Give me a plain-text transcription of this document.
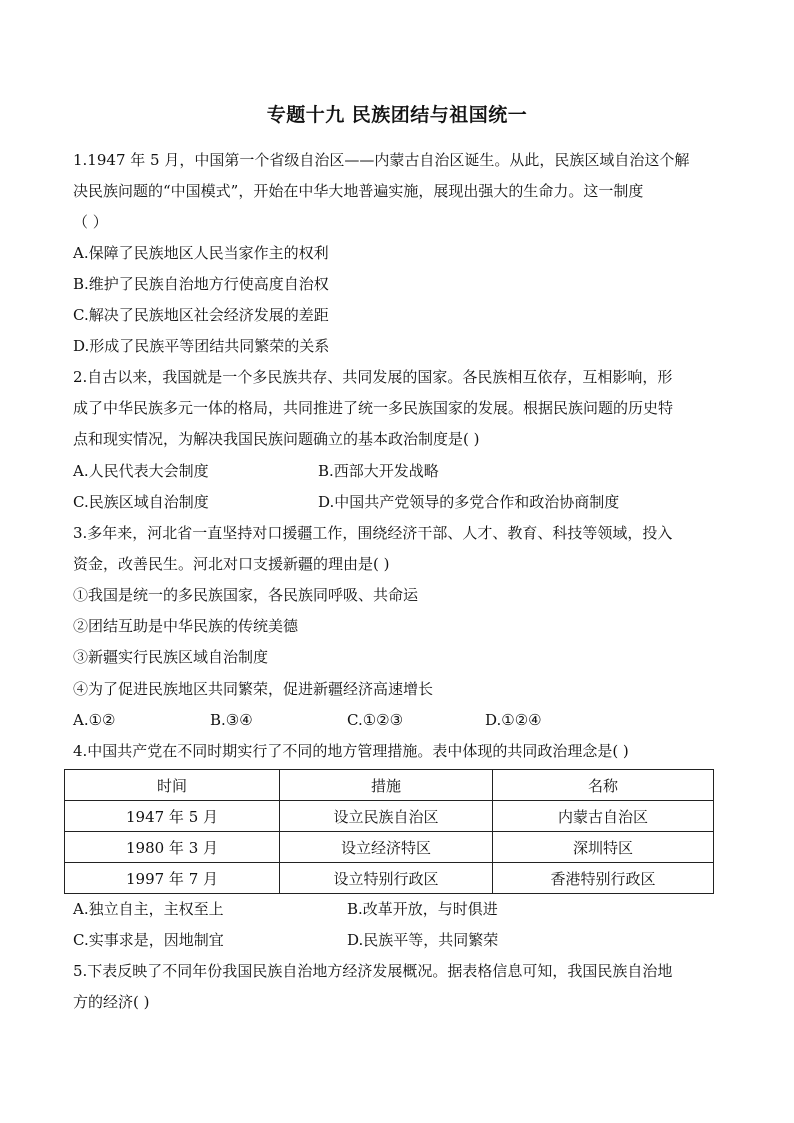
专题十九 民族团结与祖国统一
1.1947 年 5 月，中国第一个省级自治区——内蒙古自治区诞生。从此，民族区域自治这个解
决民族问题的“中国模式”，开始在中华大地普遍实施，展现出强大的生命力。这一制度
（ ）
A.保障了民族地区人民当家作主的权利
B.维护了民族自治地方行使高度自治权
C.解决了民族地区社会经济发展的差距
D.形成了民族平等团结共同繁荣的关系
2.自古以来，我国就是一个多民族共存、共同发展的国家。各民族相互依存，互相影响，形
成了中华民族多元一体的格局，共同推进了统一多民族国家的发展。根据民族问题的历史特
点和现实情况，为解决我国民族问题确立的基本政治制度是( )
A.人民代表大会制度	B.西部大开发战略
C.民族区域自治制度	D.中国共产党领导的多党合作和政治协商制度
3.多年来，河北省一直坚持对口援疆工作，围绕经济干部、人才、教育、科技等领域，投入
资金，改善民生。河北对口支援新疆的理由是( )
①我国是统一的多民族国家，各民族同呼吸、共命运
②团结互助是中华民族的传统美德
③新疆实行民族区域自治制度
④为了促进民族地区共同繁荣，促进新疆经济高速增长
A.①②	B.③④	C.①②③	D.①②④
4.中国共产党在不同时期实行了不同的地方管理措施。表中体现的共同政治理念是( )
时间	措施	名称
1947 年 5 月	设立民族自治区	内蒙古自治区
1980 年 3 月	设立经济特区	深圳特区
1997 年 7 月	设立特别行政区	香港特别行政区
A.独立自主，主权至上	B.改革开放，与时俱进
C.实事求是，因地制宜	D.民族平等，共同繁荣
5.下表反映了不同年份我国民族自治地方经济发展概况。据表格信息可知，我国民族自治地
方的经济( )
